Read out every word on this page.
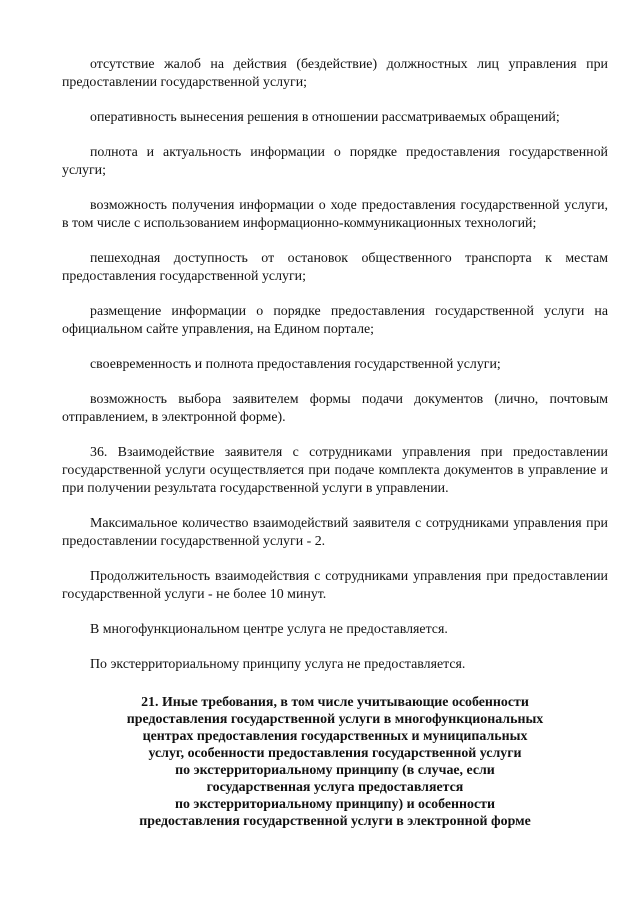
отсутствие жалоб на действия (бездействие) должностных лиц управления при предоставлении государственной услуги;

оперативность вынесения решения в отношении рассматриваемых обращений;

полнота и актуальность информации о порядке предоставления государственной услуги;

возможность получения информации о ходе предоставления государственной услуги, в том числе с использованием информационно-коммуникационных технологий;

пешеходная доступность от остановок общественного транспорта к местам предоставления государственной услуги;

размещение информации о порядке предоставления государственной услуги на официальном сайте управления, на Едином портале;

своевременность и полнота предоставления государственной услуги;

возможность выбора заявителем формы подачи документов (лично, почтовым отправлением, в электронной форме).

36. Взаимодействие заявителя с сотрудниками управления при предоставлении государственной услуги осуществляется при подаче комплекта документов в управление и при получении результата государственной услуги в управлении.

Максимальное количество взаимодействий заявителя с сотрудниками управления при предоставлении государственной услуги - 2.

Продолжительность взаимодействия с сотрудниками управления при предоставлении государственной услуги - не более 10 минут.

В многофункциональном центре услуга не предоставляется.

По экстерриториальному принципу услуга не предоставляется.

21. Иные требования, в том числе учитывающие особенности
предоставления государственной услуги в многофункциональных
центрах предоставления государственных и муниципальных
услуг, особенности предоставления государственной услуги
по экстерриториальному принципу (в случае, если
государственная услуга предоставляется
по экстерриториальному принципу) и особенности
предоставления государственной услуги в электронной форме
